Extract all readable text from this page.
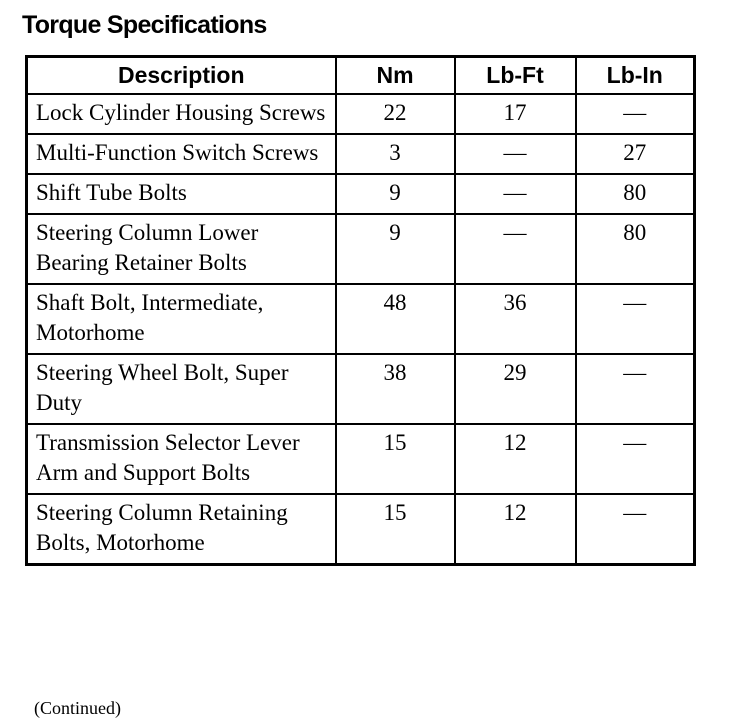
Torque Specifications
Description	Nm	Lb-Ft	Lb-In
Lock Cylinder Housing Screws	22	17	—
Multi-Function Switch Screws	3	—	27
Shift Tube Bolts	9	—	80
Steering Column Lower Bearing Retainer Bolts	9	—	80
Shaft Bolt, Intermediate, Motorhome	48	36	—
Steering Wheel Bolt, Super Duty	38	29	—
Transmission Selector Lever Arm and Support Bolts	15	12	—
Steering Column Retaining Bolts, Motorhome	15	12	—

(Continued)
